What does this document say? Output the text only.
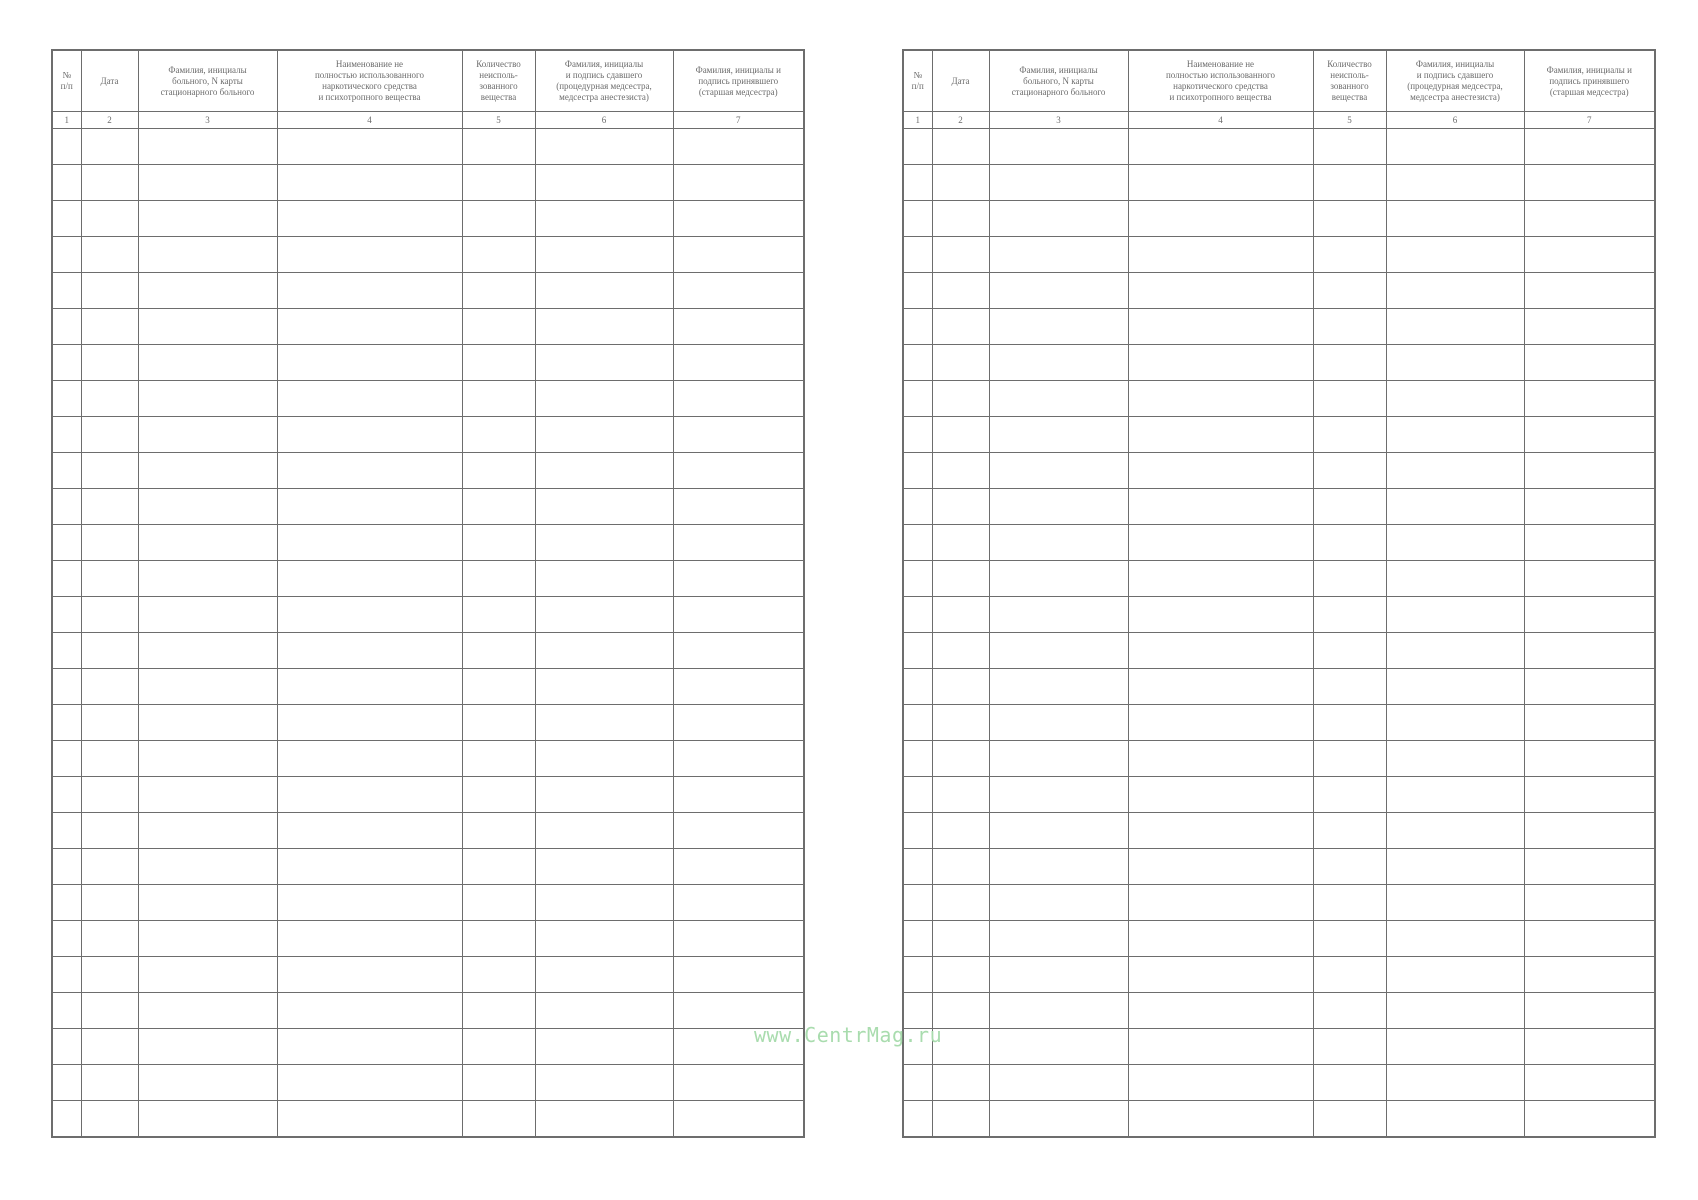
№
п/п	Дата	Фамилия, инициалы
больного, N карты
стационарного больного	Наименование не
полностью использованного
наркотического средства
и психотропного вещества	Количество
неисполь-
зованного
вещества	Фамилия, инициалы
и подпись сдавшего
(процедурная медсестра,
медсестра анестезиста)	Фамилия, инициалы и
подпись принявшего
(старшая медсестра)
1	2	3	4	5	6	7

№
п/п	Дата	Фамилия, инициалы
больного, N карты
стационарного больного	Наименование не
полностью использованного
наркотического средства
и психотропного вещества	Количество
неисполь-
зованного
вещества	Фамилия, инициалы
и подпись сдавшего
(процедурная медсестра,
медсестра анестезиста)	Фамилия, инициалы и
подпись принявшего
(старшая медсестра)
1	2	3	4	5	6	7

www.CentrMag.ru
